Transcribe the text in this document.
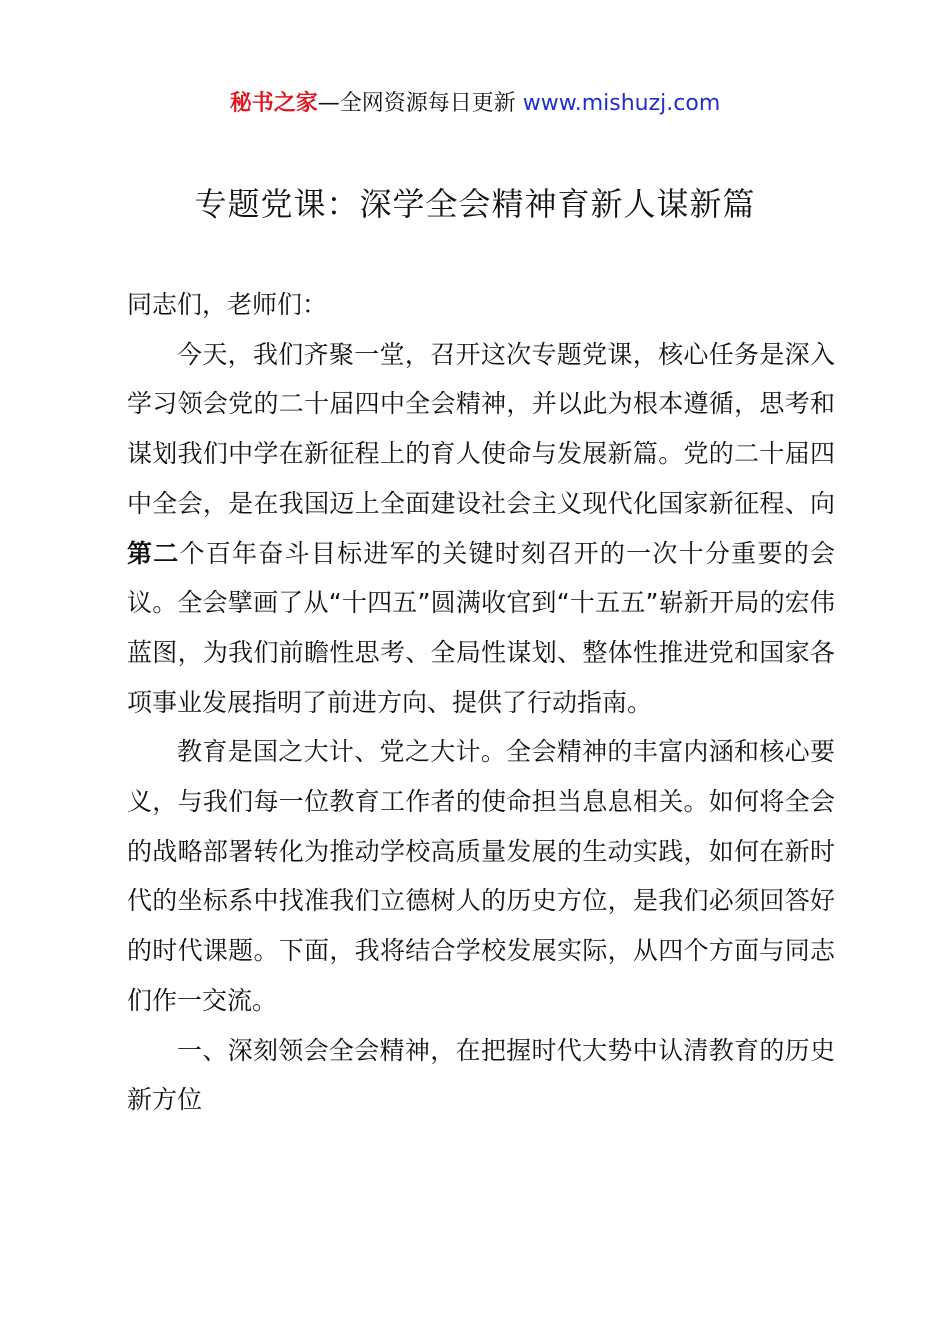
秘书之家—全网资源每日更新 www.mishuzj.com
专题党课：深学全会精神育新人谋新篇

同志们，老师们：

今天，我们齐聚一堂，召开这次专题党课，核心任务是深入学习领会党的二十届四中全会精神，并以此为根本遵循，思考和谋划我们中学在新征程上的育人使命与发展新篇。党的二十届四中全会，是在我国迈上全面建设社会主义现代化国家新征程、向第二个百年奋斗目标进军的关键时刻召开的一次十分重要的会议。全会擘画了从“十四五”圆满收官到“十五五”崭新开局的宏伟蓝图，为我们前瞻性思考、全局性谋划、整体性推进党和国家各项事业发展指明了前进方向、提供了行动指南。

教育是国之大计、党之大计。全会精神的丰富内涵和核心要义，与我们每一位教育工作者的使命担当息息相关。如何将全会的战略部署转化为推动学校高质量发展的生动实践，如何在新时代的坐标系中找准我们立德树人的历史方位，是我们必须回答好的时代课题。下面，我将结合学校发展实际，从四个方面与同志们作一交流。

一、深刻领会全会精神，在把握时代大势中认清教育的历史新方位
